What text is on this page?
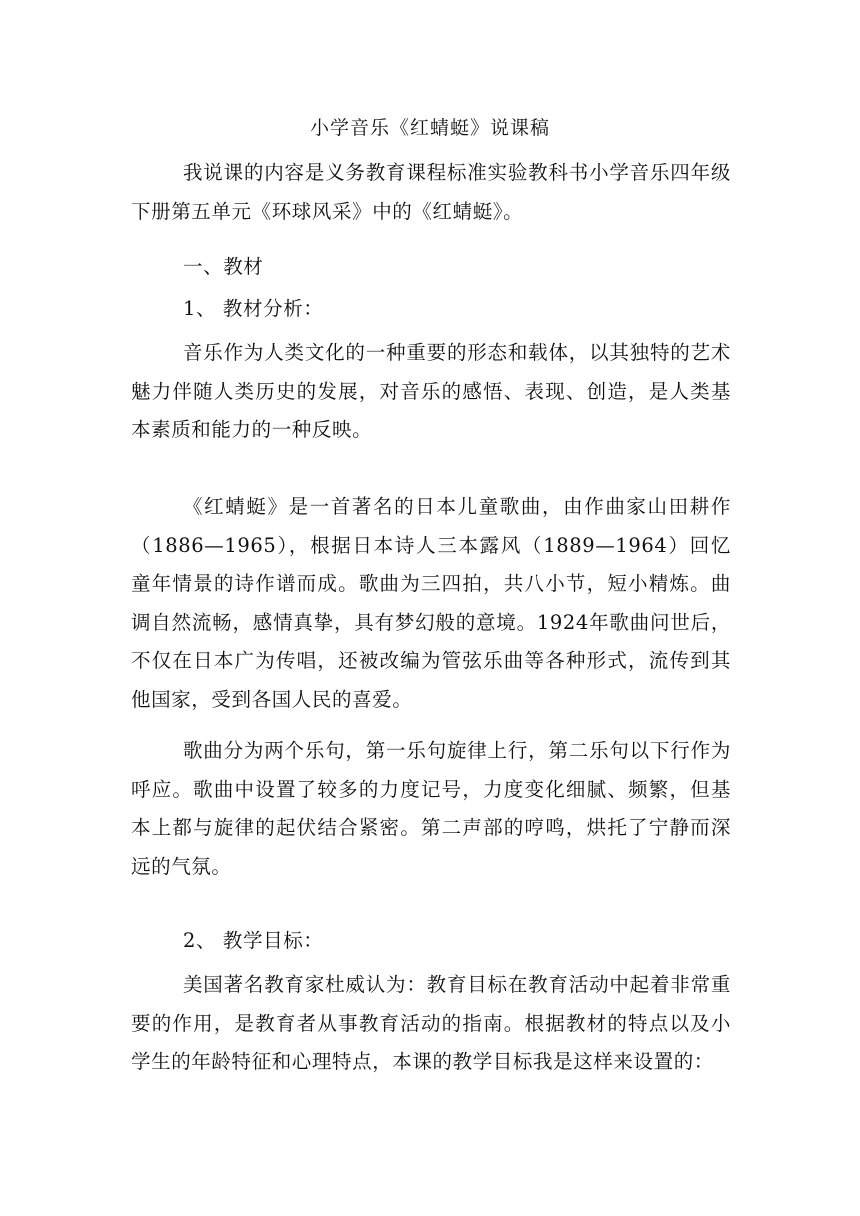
小学音乐《红蜻蜓》说课稿

我说课的内容是义务教育课程标准实验教科书小学音乐四年级下册第五单元《环球风采》中的《红蜻蜓》。

一、教材

1、 教材分析：

音乐作为人类文化的一种重要的形态和载体，以其独特的艺术魅力伴随人类历史的发展，对音乐的感悟、表现、创造，是人类基本素质和能力的一种反映。

《红蜻蜓》是一首著名的日本儿童歌曲，由作曲家山田耕作（1886—1965），根据日本诗人三本露风（1889—1964）回忆童年情景的诗作谱而成。歌曲为三四拍，共八小节，短小精炼。曲调自然流畅，感情真挚，具有梦幻般的意境。1924年歌曲问世后，不仅在日本广为传唱，还被改编为管弦乐曲等各种形式，流传到其他国家，受到各国人民的喜爱。

歌曲分为两个乐句，第一乐句旋律上行，第二乐句以下行作为呼应。歌曲中设置了较多的力度记号，力度变化细腻、频繁，但基本上都与旋律的起伏结合紧密。第二声部的哼鸣，烘托了宁静而深远的气氛。

2、 教学目标：

美国著名教育家杜威认为：教育目标在教育活动中起着非常重要的作用，是教育者从事教育活动的指南。根据教材的特点以及小学生的年龄特征和心理特点，本课的教学目标我是这样来设置的：
